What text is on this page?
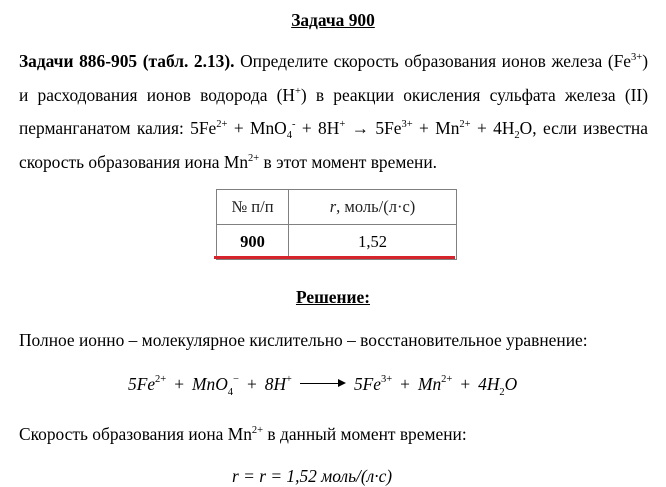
Задача 900
Задачи 886-905 (табл. 2.13). Определите скорость образования ионов железа $(Fe^{3+})$ и расходования ионов водорода (H+) в реакции окисления сульфата железа (II) перманганатом калия: $5Fe^{2+} + MnO_4^- + 8H^+ \to 5Fe^{3+} + Mn^{2+} + 4H_2O$, если известна скорость образования иона $Mn^{2+}$ в этот момент времени.
№ п/п	r, моль/(л·с)
900	1,52
Решение:
Полное ионно – молекулярное кислительно – восстановительное уравнение:
$5Fe^{2+} + MnO_4^- + 8H^+$	$5Fe^{3+} + Mn^{2+} + 4H_2O$
Скорость образования иона $Mn^{2+}$ в данный момент времени:
r = r = 1,52 моль/(л·с)
